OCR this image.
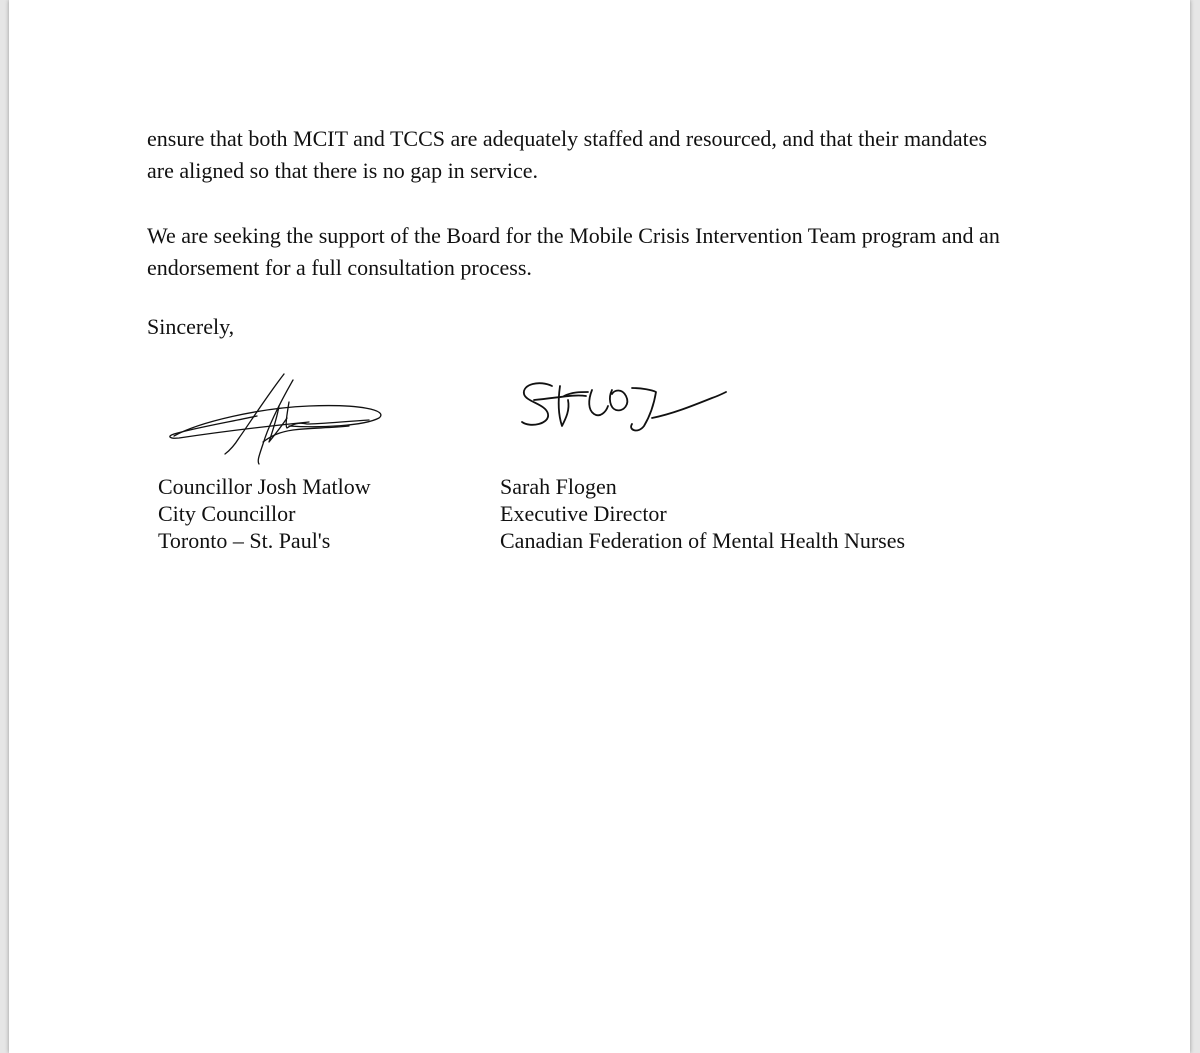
ensure that both MCIT and TCCS are adequately staffed and resourced, and that their mandates
are aligned so that there is no gap in service.

We are seeking the support of the Board for the Mobile Crisis Intervention Team program and an
endorsement for a full consultation process.

Sincerely,

Councillor Josh Matlow
City Councillor
Toronto – St. Paul's
Sarah Flogen
Executive Director
Canadian Federation of Mental Health Nurses
